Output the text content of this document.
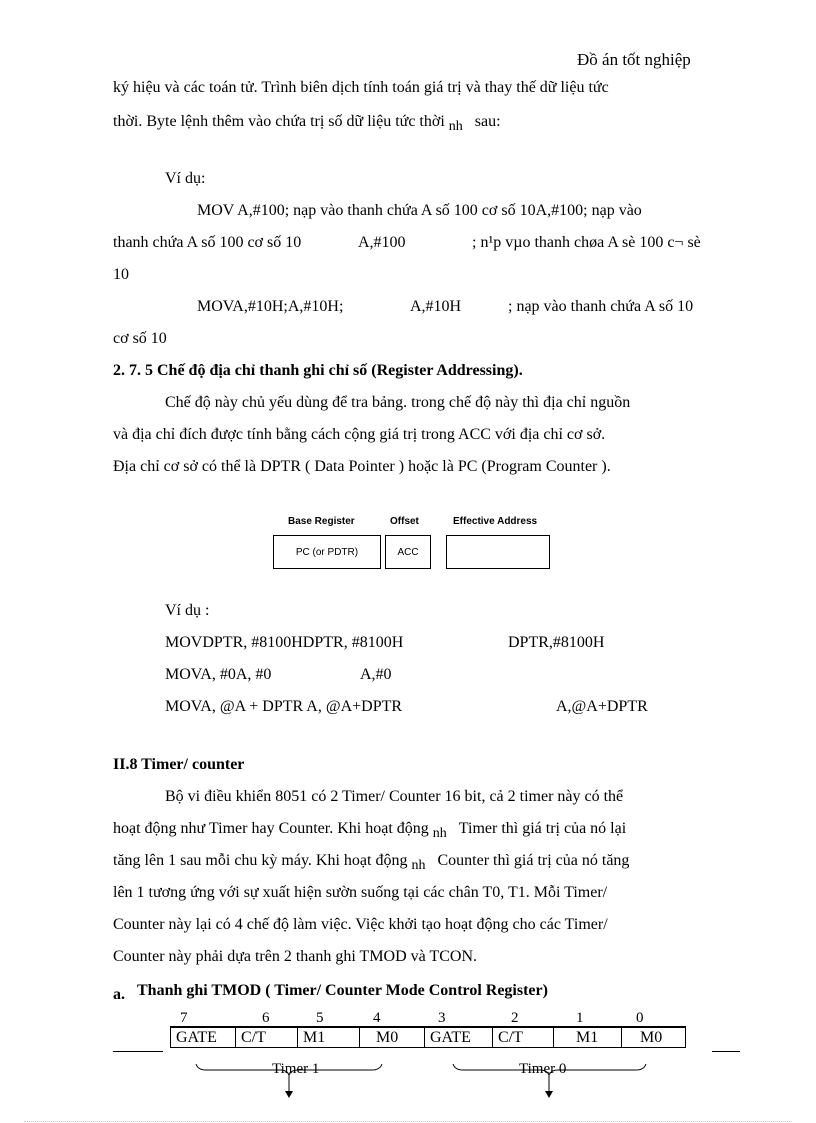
Đồ án tốt nghiệp
ký hiệu và các toán tử. Trình biên dịch tính toán giá trị và thay thế dữ liệu tức
thời. Byte lệnh thêm vào chứa trị số dữ liệu tức thời nh sau:
Ví dụ:
MOV A,#100; nạp vào thanh chứa A số 100 cơ số 10A,#100; nạp vào
thanh chứa A số 100 cơ số 10	A,#100	; n¹p vµo thanh chøa A sè 100 c¬ sè
10
MOVA,#10H;A,#10H;	A,#10H	; nạp vào thanh chứa A số 10
cơ số 10
2. 7. 5 Chế độ địa chỉ thanh ghi chỉ số (Register Addressing).
Chế độ này chủ yếu dùng để tra bảng. trong chế độ này thì địa chỉ nguồn
và địa chỉ đích được tính bằng cách cộng giá trị trong ACC với địa chỉ cơ sở.
Địa chỉ cơ sở có thể là DPTR ( Data Pointer ) hoặc là PC (Program Counter ).
Base Register	Offset	Effective Address
PC (or PDTR)	ACC
Ví dụ :
MOVDPTR, #8100HDPTR, #8100H	DPTR,#8100H
MOVA, #0A, #0	A,#0
MOVA, @A + DPTR A, @A+DPTR	A,@A+DPTR
II.8 Timer/ counter
Bộ vi điều khiển 8051 có 2 Timer/ Counter 16 bit, cả 2 timer này có thể
hoạt động như Timer hay Counter. Khi hoạt động nh Timer thì giá trị của nó lại
tăng lên 1 sau mỗi chu kỳ máy. Khi hoạt động nh Counter thì giá trị của nó tăng
lên 1 tương ứng với sự xuất hiện sườn suống tại các chân T0, T1. Mỗi Timer/
Counter này lại có 4 chế độ làm việc. Việc khởi tạo hoạt động cho các Timer/
Counter này phải dựa trên 2 thanh ghi TMOD và TCON.
a. Thanh ghi TMOD ( Timer/ Counter Mode Control Register)
7	6	5	4	3	2	1	0
GATE	C/T	M1	M0	GATE	C/T	M1	M0
Timer 1	Timer 0
